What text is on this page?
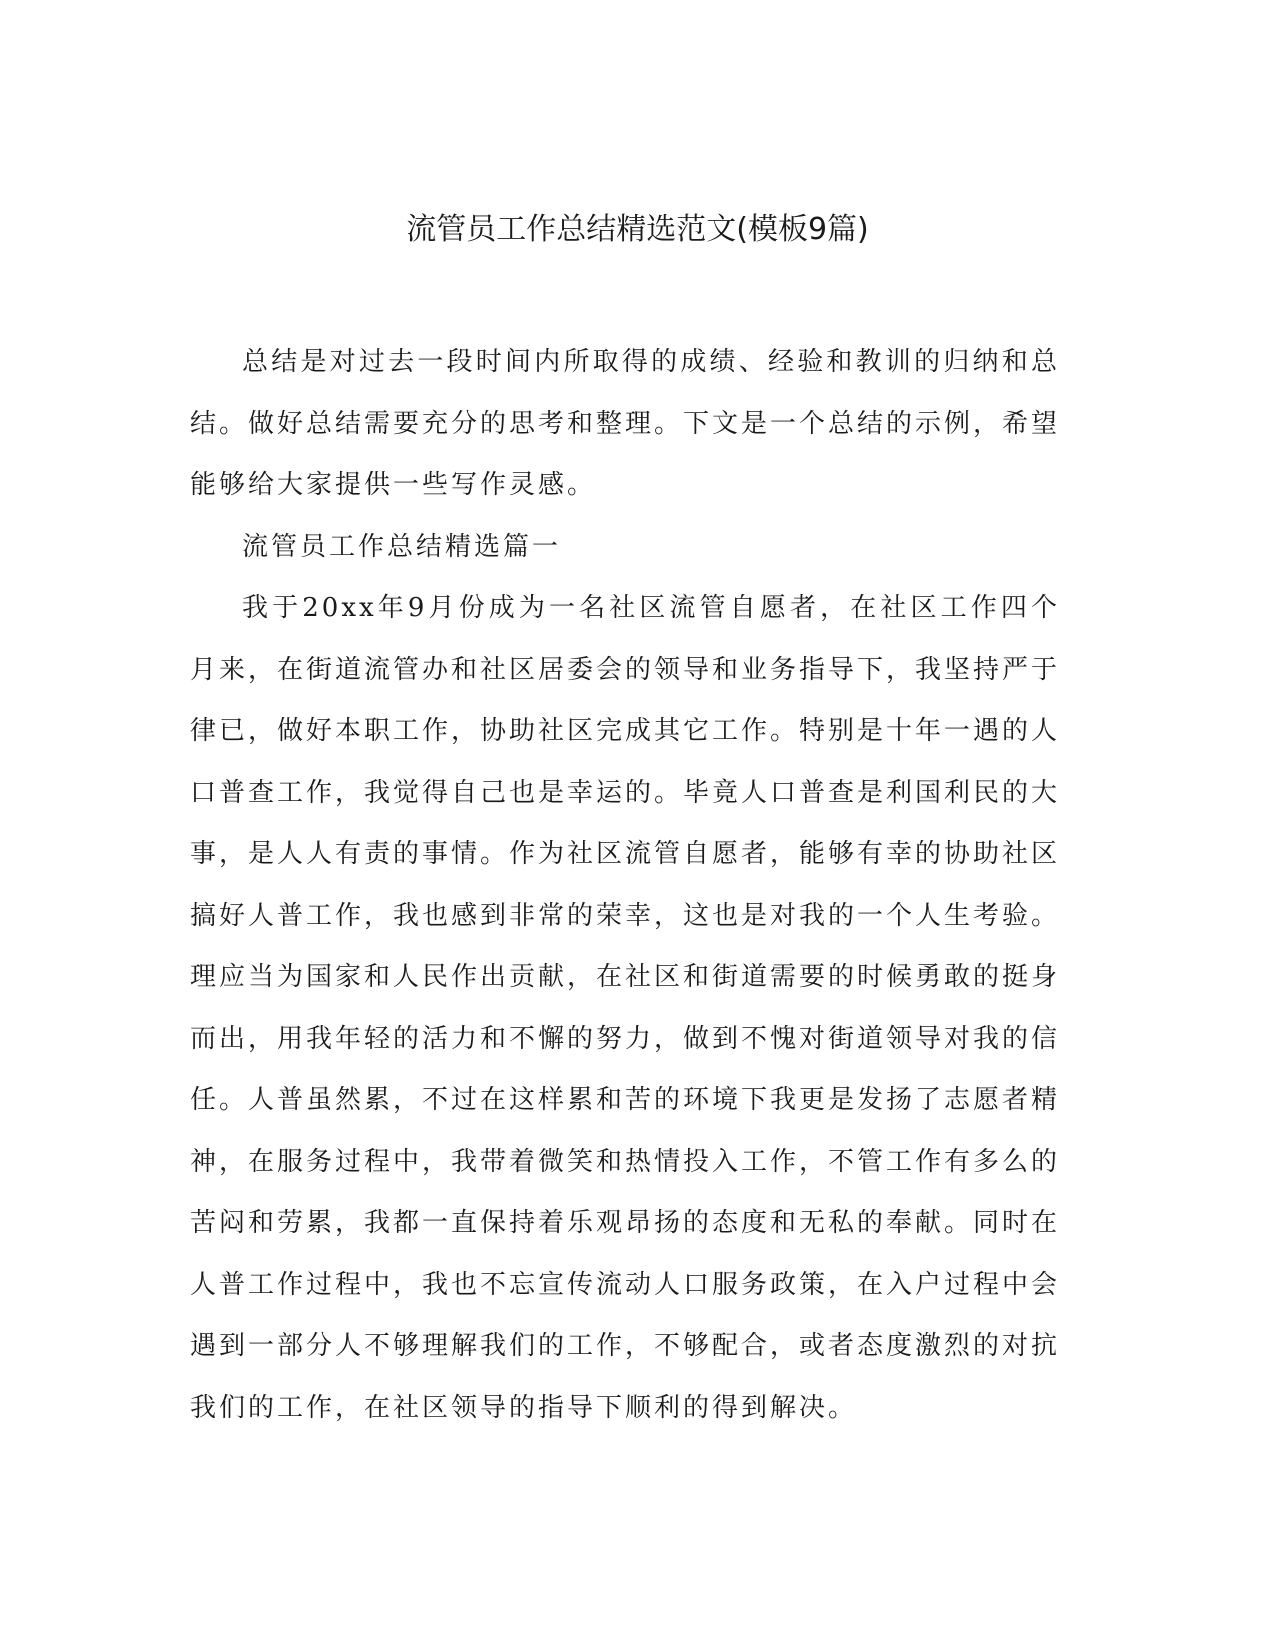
流管员工作总结精选范文(模板9篇)

总结是对过去一段时间内所取得的成绩、经验和教训的归纳和总结。做好总结需要充分的思考和整理。下文是一个总结的示例，希望能够给大家提供一些写作灵感。

流管员工作总结精选篇一

我于20xx年9月份成为一名社区流管自愿者，在社区工作四个月来，在街道流管办和社区居委会的领导和业务指导下，我坚持严于律已，做好本职工作，协助社区完成其它工作。特别是十年一遇的人口普查工作，我觉得自己也是幸运的。毕竟人口普查是利国利民的大事，是人人有责的事情。作为社区流管自愿者，能够有幸的协助社区搞好人普工作，我也感到非常的荣幸，这也是对我的一个人生考验。理应当为国家和人民作出贡献，在社区和街道需要的时候勇敢的挺身而出，用我年轻的活力和不懈的努力，做到不愧对街道领导对我的信任。人普虽然累，不过在这样累和苦的环境下我更是发扬了志愿者精神，在服务过程中，我带着微笑和热情投入工作，不管工作有多么的苦闷和劳累，我都一直保持着乐观昂扬的态度和无私的奉献。同时在人普工作过程中，我也不忘宣传流动人口服务政策，在入户过程中会遇到一部分人不够理解我们的工作，不够配合，或者态度激烈的对抗我们的工作，在社区领导的指导下顺利的得到解决。
